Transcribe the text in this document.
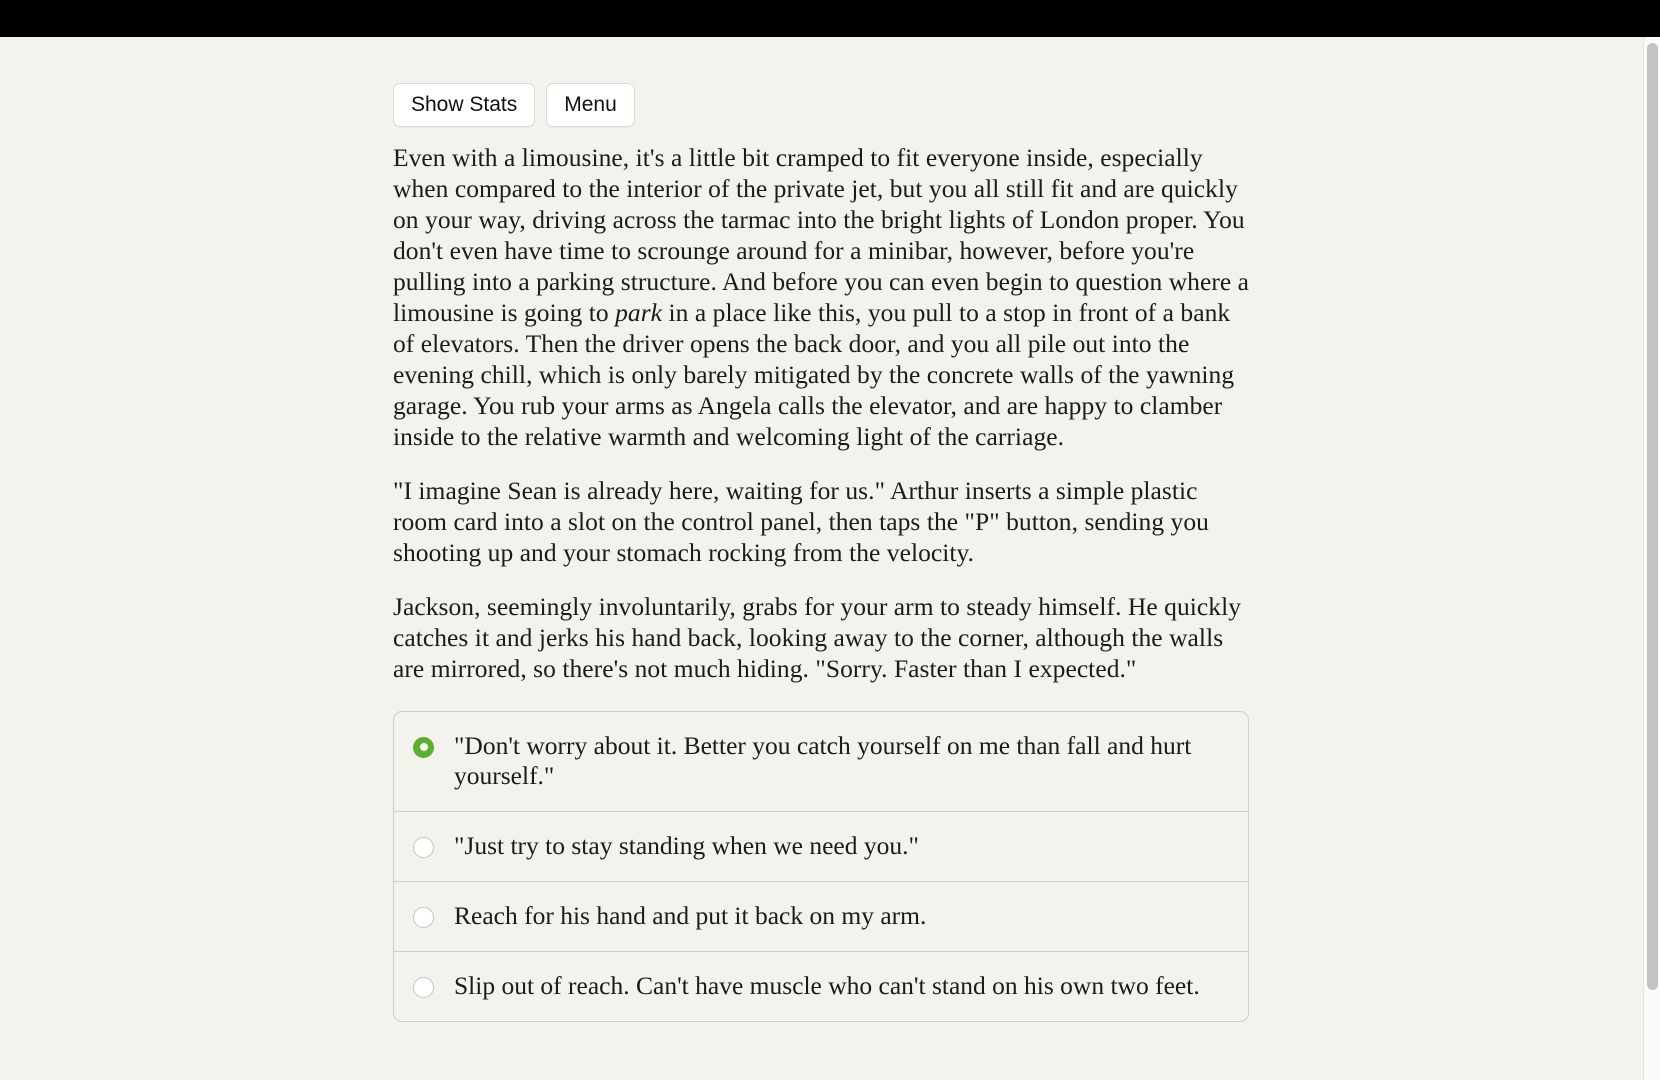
Show Stats	Menu

Even with a limousine, it's a little bit cramped to fit everyone inside, especially when compared to the interior of the private jet, but you all still fit and are quickly on your way, driving across the tarmac into the bright lights of London proper. You don't even have time to scrounge around for a minibar, however, before you're pulling into a parking structure. And before you can even begin to question where a limousine is going to park in a place like this, you pull to a stop in front of a bank of elevators. Then the driver opens the back door, and you all pile out into the evening chill, which is only barely mitigated by the concrete walls of the yawning garage. You rub your arms as Angela calls the elevator, and are happy to clamber inside to the relative warmth and welcoming light of the carriage.

"I imagine Sean is already here, waiting for us." Arthur inserts a simple plastic room card into a slot on the control panel, then taps the "P" button, sending you shooting up and your stomach rocking from the velocity.

Jackson, seemingly involuntarily, grabs for your arm to steady himself. He quickly catches it and jerks his hand back, looking away to the corner, although the walls are mirrored, so there's not much hiding. "Sorry. Faster than I expected."

"Don't worry about it. Better you catch yourself on me than fall and hurt yourself."
"Just try to stay standing when we need you."
Reach for his hand and put it back on my arm.
Slip out of reach. Can't have muscle who can't stand on his own two feet.
